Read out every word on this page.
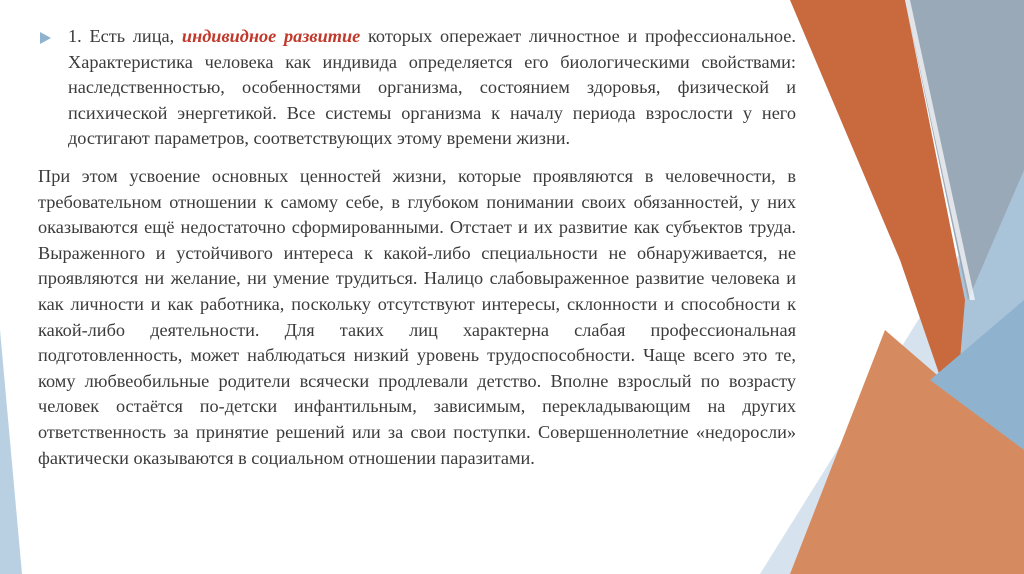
1. Есть лица, индивидное развитие которых опережает личностное и профессиональное. Характеристика человека как индивида определяется его биологическими свойствами: наследственностью, особенностями организма, состоянием здоровья, физической и психической энергетикой. Все системы организма к началу периода взрослости у него достигают параметров, соответствующих этому времени жизни.

При этом усвоение основных ценностей жизни, которые проявляются в человечности, в требовательном отношении к самому себе, в глубоком понимании своих обязанностей, у них оказываются ещё недостаточно сформированными. Отстает и их развитие как субъектов труда. Выраженного и устойчивого интереса к какой-либо специальности не обнаруживается, не проявляются ни желание, ни умение трудиться. Налицо слабовыраженное развитие человека и как личности и как работника, поскольку отсутствуют интересы, склонности и способности к какой-либо деятельности. Для таких лиц характерна слабая профессиональная подготовленность, может наблюдаться низкий уровень трудоспособности. Чаще всего это те, кому любвеобильные родители всячески продлевали детство. Вполне взрослый по возрасту человек остаётся по-детски инфантильным, зависимым, перекладывающим на других ответственность за принятие решений или за свои поступки. Совершеннолетние «недоросли» фактически оказываются в социальном отношении паразитами.
